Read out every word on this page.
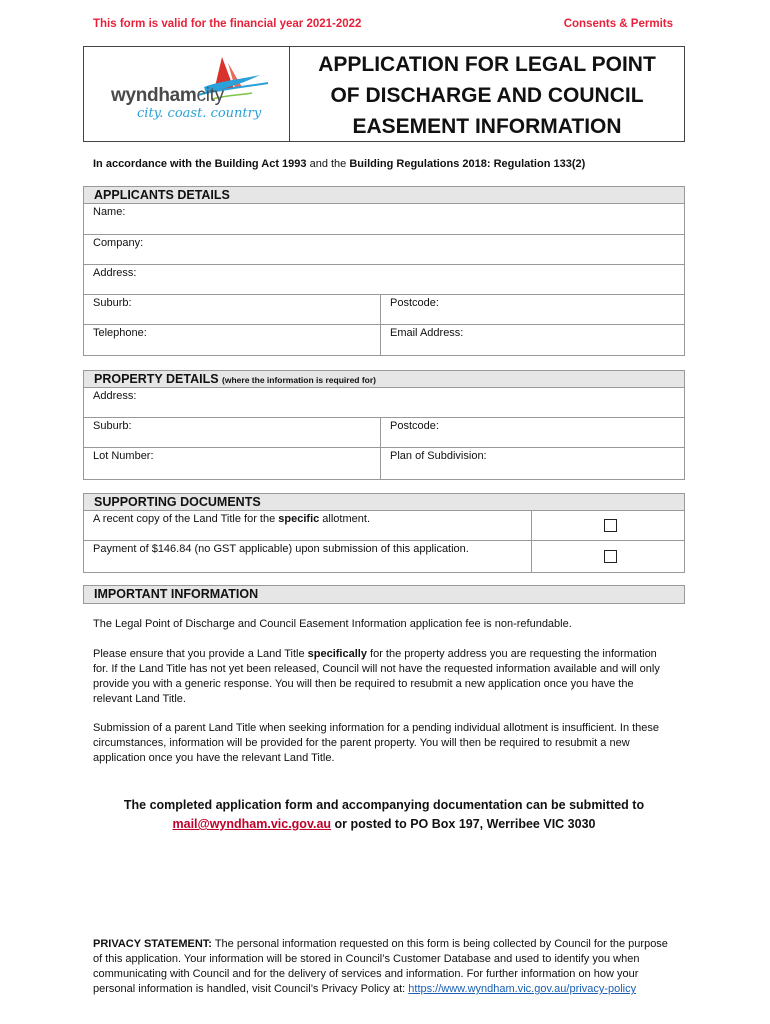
This form is valid for the financial year 2021-2022	Consents & Permits
wyndhamcity
city. coast. country
APPLICATION FOR LEGAL POINT
OF DISCHARGE AND COUNCIL
EASEMENT INFORMATION
In accordance with the Building Act 1993 and the Building Regulations 2018: Regulation 133(2)
APPLICANTS DETAILS
Name:
Company:
Address:
Suburb:	Postcode:
Telephone:	Email Address:
PROPERTY DETAILS (where the information is required for)
Address:
Suburb:	Postcode:
Lot Number:	Plan of Subdivision:
SUPPORTING DOCUMENTS
A recent copy of the Land Title for the specific allotment.
Payment of $146.84 (no GST applicable) upon submission of this application.
IMPORTANT INFORMATION
The Legal Point of Discharge and Council Easement Information application fee is non-refundable.
Please ensure that you provide a Land Title specifically for the property address you are requesting the information for. If the Land Title has not yet been released, Council will not have the requested information available and will only provide you with a generic response. You will then be required to resubmit a new application once you have the relevant Land Title.
Submission of a parent Land Title when seeking information for a pending individual allotment is insufficient. In these circumstances, information will be provided for the parent property. You will then be required to resubmit a new application once you have the relevant Land Title.
The completed application form and accompanying documentation can be submitted to
mail@wyndham.vic.gov.au or posted to PO Box 197, Werribee VIC 3030
PRIVACY STATEMENT: The personal information requested on this form is being collected by Council for the purpose of this application. Your information will be stored in Council’s Customer Database and used to identify you when communicating with Council and for the delivery of services and information. For further information on how your personal information is handled, visit Council’s Privacy Policy at: https://www.wyndham.vic.gov.au/privacy-policy
